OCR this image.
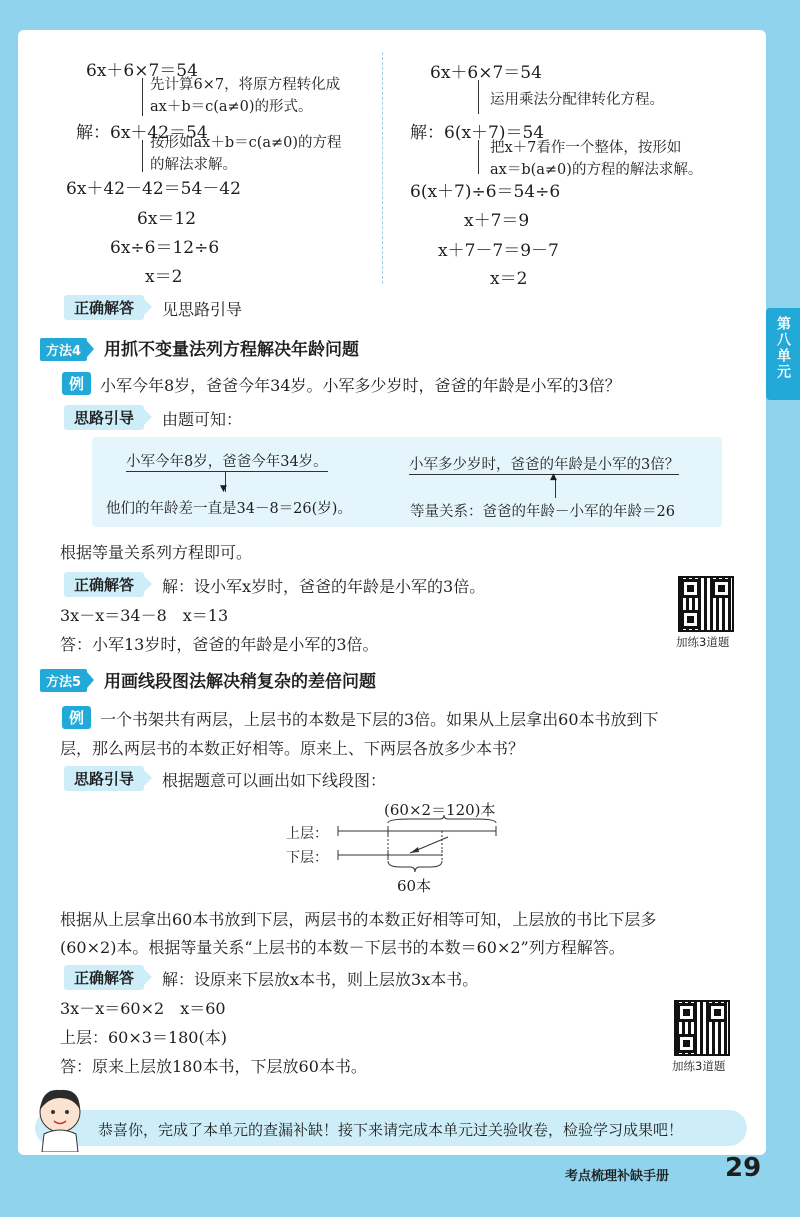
6x＋6×7＝54
先计算6×7，将原方程转化成
ax＋b＝c(a≠0)的形式。
解：6x＋42＝54
按形如ax＋b＝c(a≠0)的方程
的解法求解。
6x＋42－42＝54－42
6x＝12
6x÷6＝12÷6
x＝2
6x＋6×7＝54
运用乘法分配律转化方程。
解：6(x＋7)＝54
把x＋7看作一个整体，按形如
ax＝b(a≠0)的方程的解法求解。
6(x＋7)÷6＝54÷6
x＋7＝9
x＋7－7＝9－7
x＝2
正确解答	见思路引导
第八单元
方法4	用抓不变量法列方程解决年龄问题
例 小军今年8岁，爸爸今年34岁。小军多少岁时，爸爸的年龄是小军的3倍？
思路引导	由题可知：
小军今年8岁，爸爸今年34岁。
▼
他们的年龄差一直是34－8＝26(岁)。
小军多少岁时，爸爸的年龄是小军的3倍？
▲
等量关系：爸爸的年龄－小军的年龄＝26
根据等量关系列方程即可。
正确解答	解：设小军x岁时，爸爸的年龄是小军的3倍。
3x－x＝34－8　x＝13
答：小军13岁时，爸爸的年龄是小军的3倍。	加练3道题
方法5	用画线段图法解决稍复杂的差倍问题
例 一个书架共有两层，上层书的本数是下层的3倍。如果从上层拿出60本书放到下
层，那么两层书的本数正好相等。原来上、下两层各放多少本书？
思路引导	根据题意可以画出如下线段图：
(60×2＝120)本
上层：
下层：
60本
根据从上层拿出60本书放到下层，两层书的本数正好相等可知，上层放的书比下层多
(60×2)本。根据等量关系“上层书的本数－下层书的本数＝60×2”列方程解答。
正确解答	解：设原来下层放x本书，则上层放3x本书。
3x－x＝60×2　x＝60
上层：60×3＝180(本)
答：原来上层放180本书，下层放60本书。	加练3道题
恭喜你，完成了本单元的查漏补缺！接下来请完成本单元过关验收卷，检验学习成果吧！
考点梳理补缺手册 29
